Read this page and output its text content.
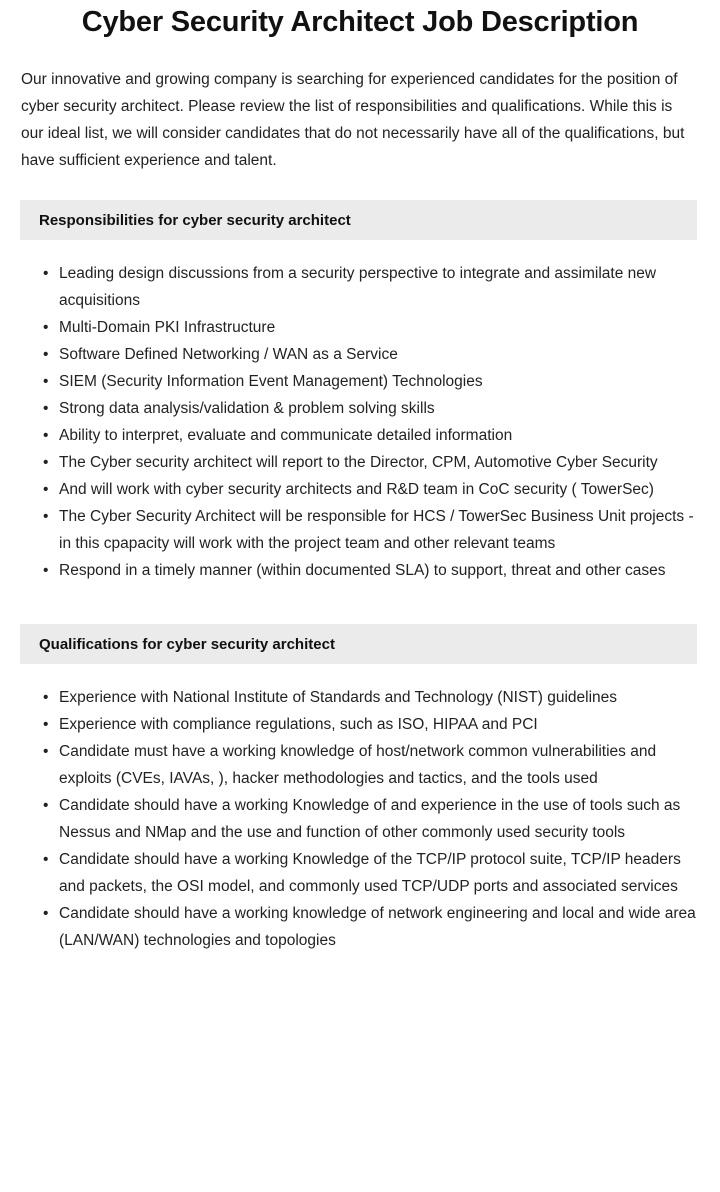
Cyber Security Architect Job Description

Our innovative and growing company is searching for experienced candidates for the position of cyber security architect. Please review the list of responsibilities and qualifications. While this is our ideal list, we will consider candidates that do not necessarily have all of the qualifications, but have sufficient experience and talent.

Responsibilities for cyber security architect
• Leading design discussions from a security perspective to integrate and assimilate new acquisitions
• Multi-Domain PKI Infrastructure
• Software Defined Networking / WAN as a Service
• SIEM (Security Information Event Management) Technologies
• Strong data analysis/validation & problem solving skills
• Ability to interpret, evaluate and communicate detailed information
• The Cyber security architect will report to the Director, CPM, Automotive Cyber Security
• And will work with cyber security architects and R&D team in CoC security ( TowerSec)
• The Cyber Security Architect will be responsible for HCS / TowerSec Business Unit projects - in this cpapacity will work with the project team and other relevant teams
• Respond in a timely manner (within documented SLA) to support, threat and other cases
Qualifications for cyber security architect
• Experience with National Institute of Standards and Technology (NIST) guidelines
• Experience with compliance regulations, such as ISO, HIPAA and PCI
• Candidate must have a working knowledge of host/network common vulnerabilities and exploits (CVEs, IAVAs, ), hacker methodologies and tactics, and the tools used
• Candidate should have a working Knowledge of and experience in the use of tools such as Nessus and NMap and the use and function of other commonly used security tools
• Candidate should have a working Knowledge of the TCP/IP protocol suite, TCP/IP headers and packets, the OSI model, and commonly used TCP/UDP ports and associated services
• Candidate should have a working knowledge of network engineering and local and wide area (LAN/WAN) technologies and topologies
